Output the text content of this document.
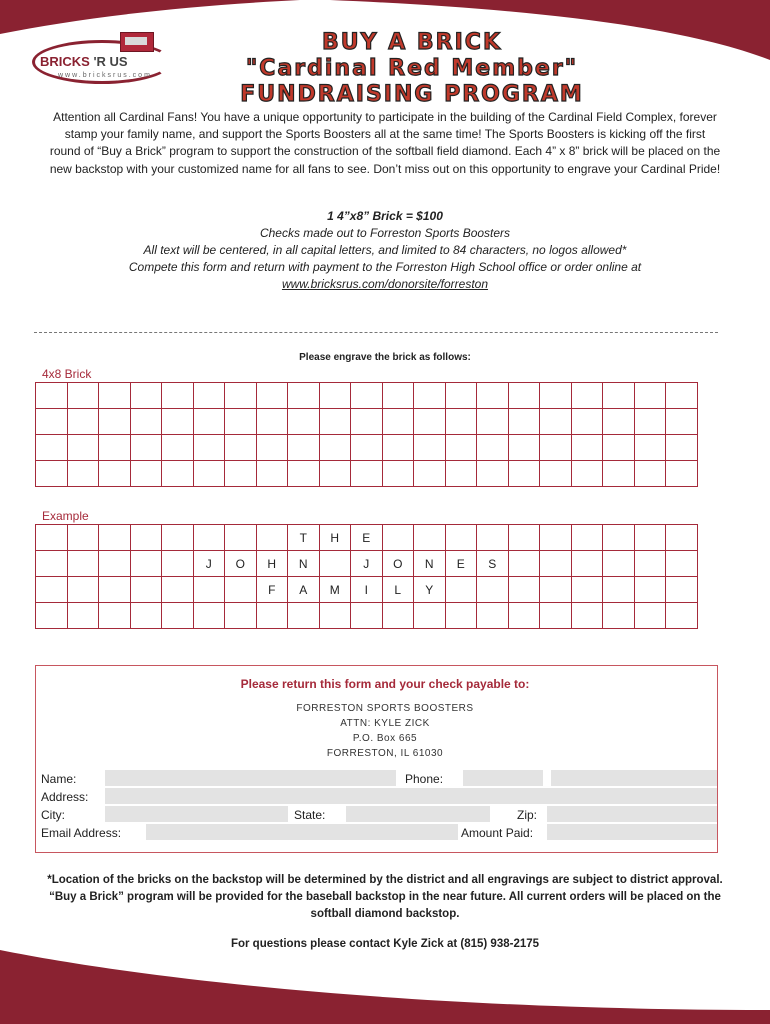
BRICKS 'R US
www.bricksrus.com
BUY A BRICK
"Cardinal Red Member"
FUNDRAISING PROGRAM
Attention all Cardinal Fans! You have a unique opportunity to participate in the building of the Cardinal Field Complex, forever stamp your family name, and support the Sports Boosters all at the same time! The Sports Boosters is kicking off the first round of “Buy a Brick” program to support the construction of the softball field diamond. Each 4” x 8” brick will be placed on the new backstop with your customized name for all fans to see. Don’t miss out on this opportunity to engrave your Cardinal Pride!
1 4”x8” Brick = $100
Checks made out to Forreston Sports Boosters
All text will be centered, in all capital letters, and limited to 84 characters, no logos allowed*
Compete this form and return with payment to the Forreston High School office or order online at
www.bricksrus.com/donorsite/forreston
Please engrave the brick as follows:
4x8 Brick

Example
								T	H	E										
					J	O	H	N		J	O	N	E	S						
							F	A	M	I	L	Y								

Please return this form and your check payable to:
FORRESTON SPORTS BOOSTERS
ATTN: KYLE ZICK
P.O. Box 665
FORRESTON, IL 61030
Name:	Phone:
Address:
City:	State:	Zip:
Email Address:	Amount Paid:
*Location of the bricks on the backstop will be determined by the district and all engravings are subject to district approval. “Buy a Brick” program will be provided for the baseball backstop in the near future. All current orders will be placed on the softball diamond backstop.
For questions please contact Kyle Zick at (815) 938-2175
